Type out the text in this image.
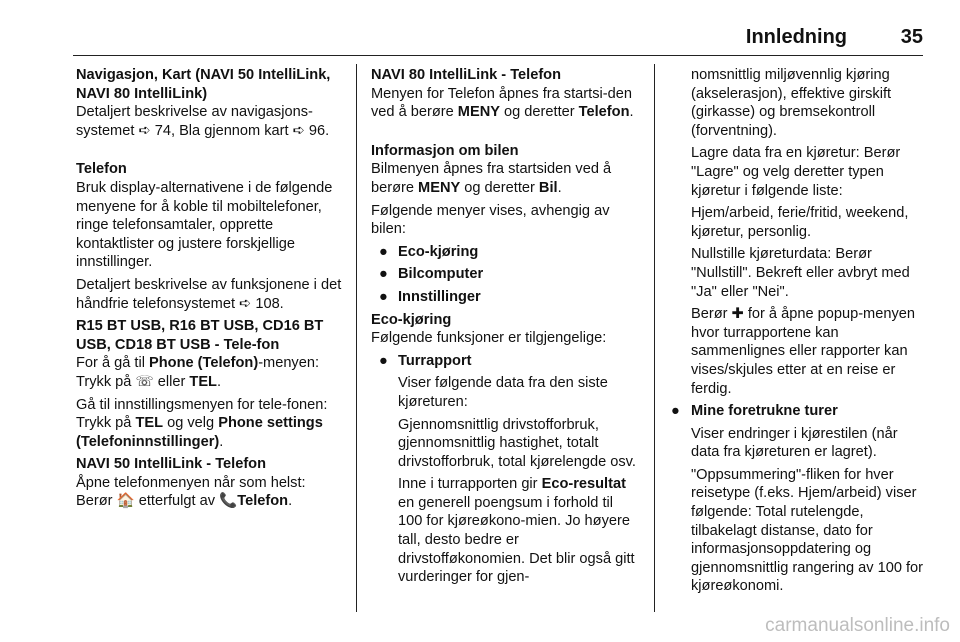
Innledning	35
Navigasjon, Kart (NAVI 50 IntelliLink, NAVI 80 IntelliLink)
Detaljert beskrivelse av navigasjons-systemet ➪ 74, Bla gjennom kart ➪ 96.
Telefon
Bruk display-alternativene i de følgende menyene for å koble til mobiltelefoner, ringe telefonsamtaler, opprette kontaktlister og justere forskjellige innstillinger.
Detaljert beskrivelse av funksjonene i det håndfrie telefonsystemet ➪ 108.
R15 BT USB, R16 BT USB, CD16 BT USB, CD18 BT USB - Tele-fon
For å gå til Phone (Telefon)-menyen: Trykk på ☏ eller TEL.
Gå til innstillingsmenyen for tele-fonen: Trykk på TEL og velg Phone settings (Telefoninnstillinger).
NAVI 50 IntelliLink - Telefon
Åpne telefonmenyen når som helst: Berør 🏠 etterfulgt av 📞Telefon.
NAVI 80 IntelliLink - Telefon
Menyen for Telefon åpnes fra startsi-den ved å berøre MENY og deretter Telefon.
Informasjon om bilen
Bilmenyen åpnes fra startsiden ved å berøre MENY og deretter Bil.
Følgende menyer vises, avhengig av bilen:
● Eco-kjøring
● Bilcomputer
● Innstillinger
Eco-kjøring
Følgende funksjoner er tilgjengelige:
● Turrapport
Viser følgende data fra den siste kjøreturen:
Gjennomsnittlig drivstofforbruk, gjennomsnittlig hastighet, totalt drivstofforbruk, total kjørelengde osv.
Inne i turrapporten gir Eco-resultat en generell poengsum i forhold til 100 for kjøreøkono-mien. Jo høyere tall, desto bedre er drivstofføkonomien. Det blir også gitt vurderinger for gjen-
nomsnittlig miljøvennlig kjøring (akselerasjon), effektive girskift (girkasse) og bremsekontroll (forventning).
Lagre data fra en kjøretur: Berør "Lagre" og velg deretter typen kjøretur i følgende liste:
Hjem/arbeid, ferie/fritid, weekend, kjøretur, personlig.
Nullstille kjøreturdata: Berør "Nullstill". Bekreft eller avbryt med "Ja" eller "Nei".
Berør ✚ for å åpne popup-menyen hvor turrapportene kan sammenlignes eller rapporter kan vises/skjules etter at en reise er ferdig.
● Mine foretrukne turer
Viser endringer i kjørestilen (når data fra kjøreturen er lagret).
"Oppsummering"-fliken for hver reisetype (f.eks. Hjem/arbeid) viser følgende: Total rutelengde, tilbakelagt distanse, dato for informasjonsoppdatering og gjennomsnittlig rangering av 100 for kjøreøkonomi.
carmanualsonline.info
